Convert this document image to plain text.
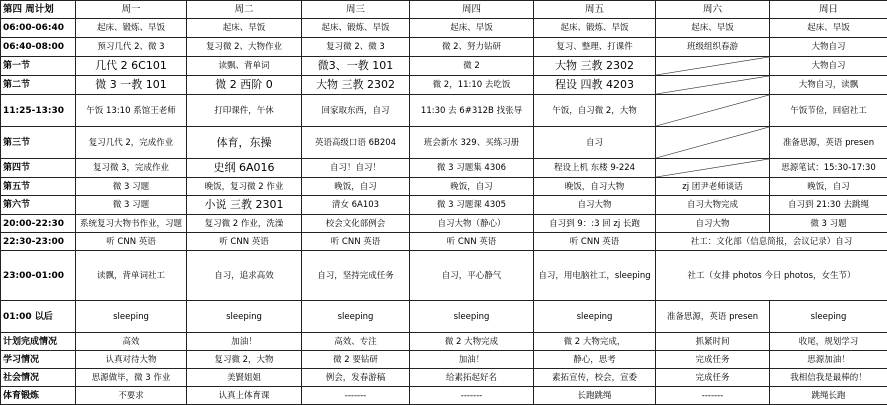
第四 周计划	周一	周二	周三	周四	周五	周六	周日
06:00-06:40	起床、锻炼、早饭	起床、早饭	起床、锻炼、早饭	起床、早饭	起床、锻炼、早饭	起床、早饭	起床、早饭
06:40-08:00	预习几代 2、微 3	复习微 2、大物作业	复习微 2、微 3	微 2、努力钻研	复习、整理、打课件	班级组织春游	大物自习
第一节	几代 2 6C101	读飘、背单词	微3、一教 101	微 2	大物 三教 2302		大物自习
第二节	微 3 一教 101	微 2 西阶 0	大物 三教 2302	微 2，11:10 去吃饭	程设 四教 4203		大物自习，读飘
11:25-13:30	午饭 13:10 系馆王老师	打印课件，午休	回家取东西，自习	11:30 去 6#312B 找张导	午饭，自习微 2，大物		午饭节俭，回宿社工
第三节	复习几代 2，完成作业	体育，东操	英语高级口语 6B204	班会新水 329、买练习册	自习		准备思源，英语 presen
第四节	复习微 3，完成作业	史纲 6A016	自习！自习！	微 3 习题集 4306	程设上机 东楼 9-224		思源笔试：15:30-17:30
第五节	微 3 习题	晚饭，复习微 2 作业	晚饭，自习	晚饭，自习	晚饭，自习大物	zj 团尹老师谈话	晚饭，自习
第六节	微 3 习题	小说 三教 2301	清女 6A103	微 3 习题课 4305	自习大物	自习大物完成	自习到 21:30 去跳绳
20:00-22:30	系统复习大物书作业，习题	复习微 2 作业，洗澡	校会文化部例会	自习大物（静心）	自习到 9：:3 回 zj 长跑	自习大物	微 3 习题
22:30-23:00	听 CNN 英语	听 CNN 英语	听 CNN 英语	听 CNN 英语	听 CNN 英语	社工：文化部（信息简报，会议记录）自习	
23:00-01:00	读飘，背单词社工	自习，追求高效	自习，坚持完成任务	自习，平心静气	自习，用电脑社工，sleeping	社工（女排 photos 今日 photos，女生节）	
01:00 以后	sleeping	sleeping	sleeping	sleeping	sleeping	准备思源，英语 presen	sleeping
计划完成情况	高效	加油！	高效、专注	微 2 大物完成	微 2 大物完成，	抓紧时间	收尾，规划学习
学习情况	认真对待大物	复习微 2，大物	微 2 要钻研	加油！	静心，思考	完成任务	思源加油！
社会情况	思源做毕，微 3 作业	美賢姐姐	例会，发春游稿	给素拓起好名	素拓宣传，校会，宣委	完成任务	我相信我是最棒的！
体育锻炼	不要求	认真上体育课	-------	-------	长跑跳绳	-------	跳绳长跑
